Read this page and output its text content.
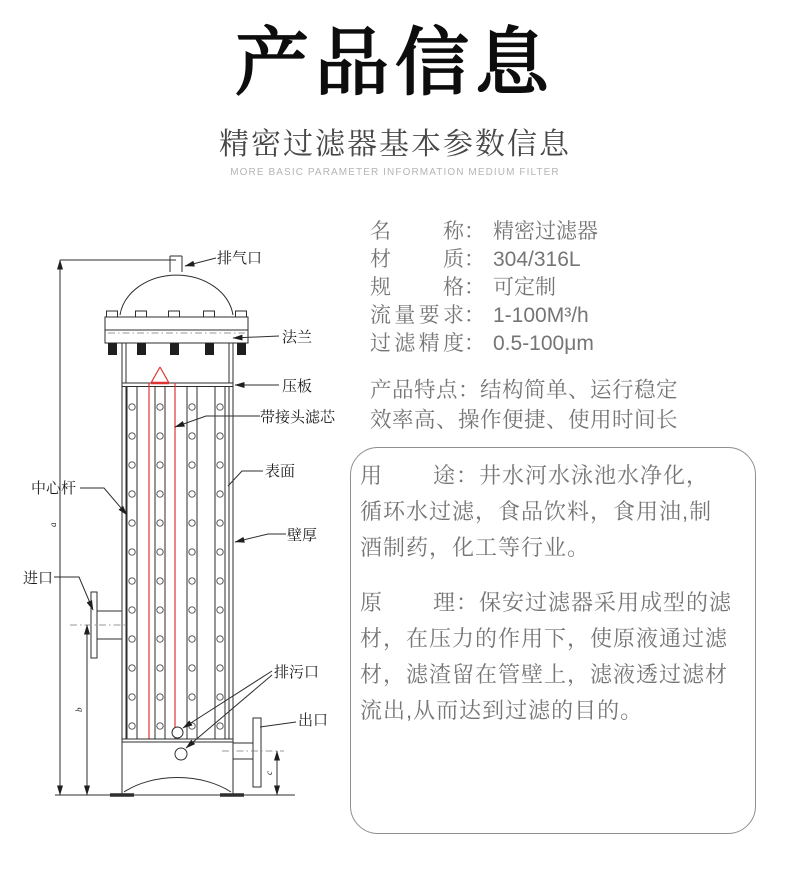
产品信息
精密过滤器基本参数信息
MORE BASIC PARAMETER INFORMATION MEDIUM FILTER
a
b
c
排气口
法兰
压板
带接头滤芯
表面
中心杆
壁厚
进口
排污口
出口
名称： 精密过滤器
材质： 304/316L
规格： 可定制
流量要求： 1-100M³/h
过滤精度： 0.5-100μm
产品特点：结构简单、运行稳定
效率高、操作便捷、使用时间长
用途：井水河水泳池水净化，
循环水过滤，食品饮料，食用油,制
酒制药，化工等行业。
原理：保安过滤器采用成型的滤
材，在压力的作用下，使原液通过滤
材，滤渣留在管壁上，滤液透过滤材
流出,从而达到过滤的目的。
